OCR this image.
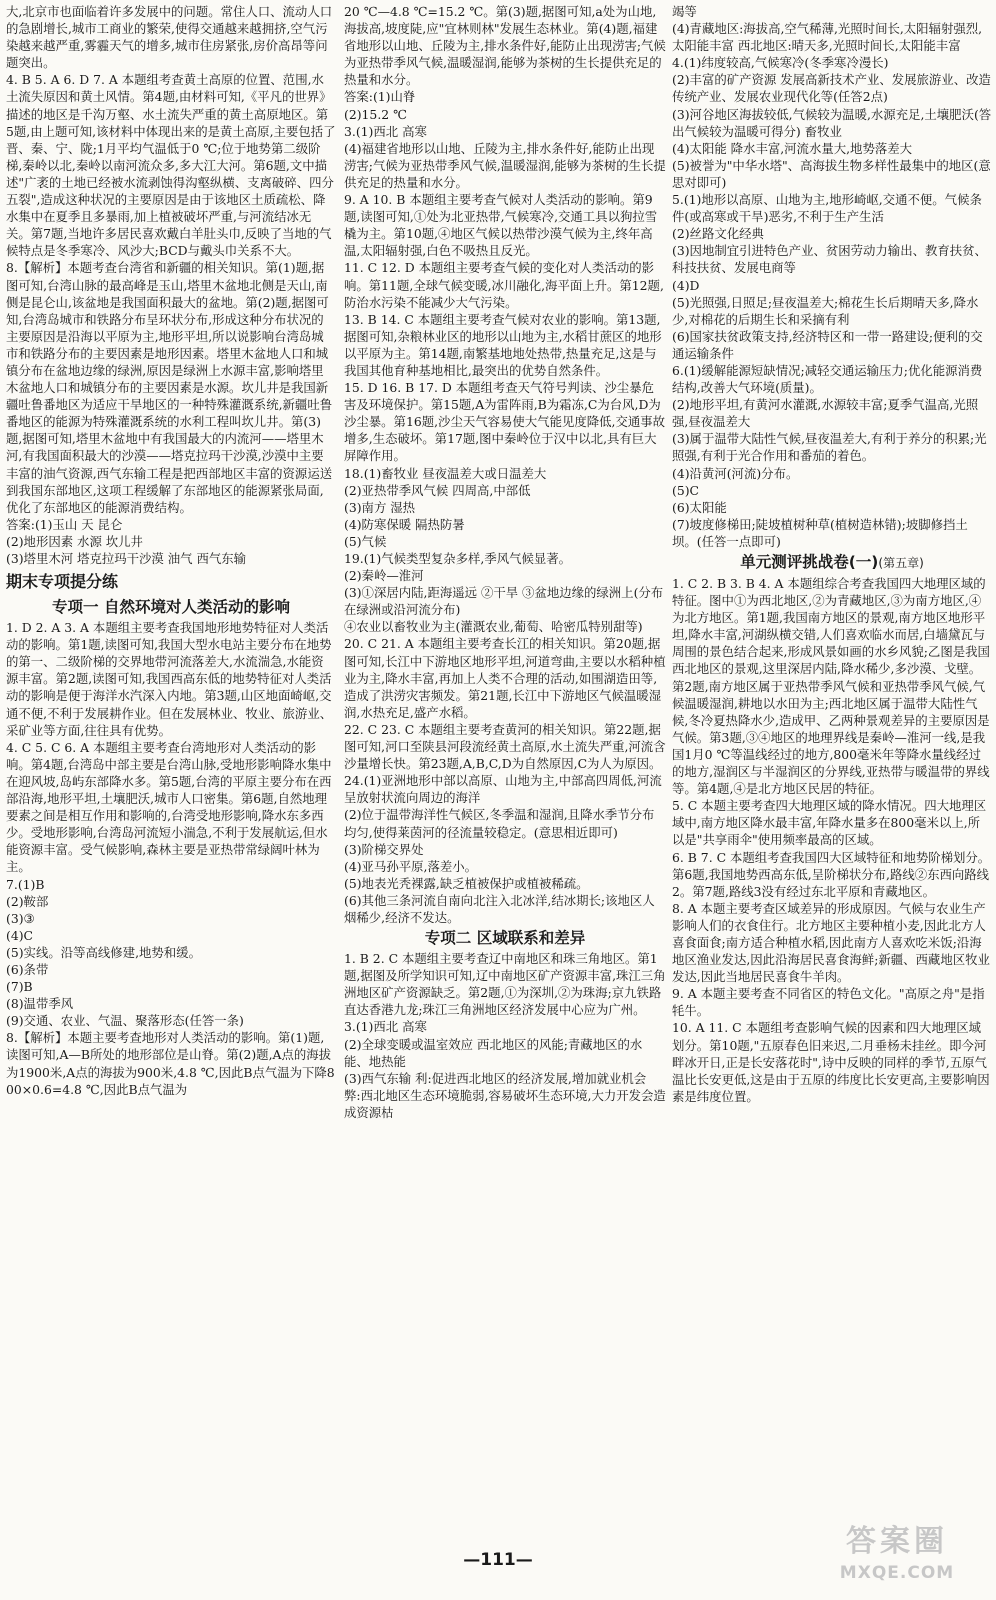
大,北京市也面临着许多发展中的问题。常住人口、流动人口的急剧增长,城市工商业的繁荣,使得交通越来越拥挤,空气污染越来越严重,雾霾天气的增多,城市住房紧张,房价高昂等问题突出。

4. B 5. A 6. D 7. A 本题组考查黄土高原的位置、范围,水土流失原因和黄土风情。第4题,由材料可知,《平凡的世界》描述的地区是千沟万壑、水土流失严重的黄土高原地区。第5题,由上题可知,该材料中体现出来的是黄土高原,主要包括了晋、秦、宁、陇;1月平均气温低于0 ℃;位于地势第二级阶梯,秦岭以北,秦岭以南河流众多,多大江大河。第6题,文中描述"广袤的土地已经被水流剥蚀得沟壑纵横、支离破碎、四分五裂",造成这种状况的主要原因是由于该地区土质疏松、降水集中在夏季且多暴雨,加上植被破坏严重,与河流结冰无关。第7题,当地许多居民喜欢戴白羊肚头巾,反映了当地的气候特点是冬季寒冷、风沙大;BCD与戴头巾关系不大。

8.【解析】本题考查台湾省和新疆的相关知识。第(1)题,据图可知,台湾山脉的最高峰是玉山,塔里木盆地北侧是天山,南侧是昆仑山,该盆地是我国面积最大的盆地。第(2)题,据图可知,台湾岛城市和铁路分布呈环状分布,形成这种分布状况的主要原因是沿海以平原为主,地形平坦,所以说影响台湾岛城市和铁路分布的主要因素是地形因素。塔里木盆地人口和城镇分布在盆地边缘的绿洲,原因是绿洲上水源丰富,影响塔里木盆地人口和城镇分布的主要因素是水源。坎儿井是我国新疆吐鲁番地区为适应干旱地区的一种特殊灌溉系统,新疆吐鲁番地区的能源为特殊灌溉系统的水利工程叫坎儿井。第(3)题,据图可知,塔里木盆地中有我国最大的内流河——塔里木河,有我国面积最大的沙漠——塔克拉玛干沙漠,沙漠中主要丰富的油气资源,西气东输工程是把西部地区丰富的资源运送到我国东部地区,这项工程缓解了东部地区的能源紧张局面,优化了东部地区的能源消费结构。

答案:(1)玉山 天 昆仑

(2)地形因素 水源 坎儿井

(3)塔里木河 塔克拉玛干沙漠 油气 西气东输

期末专项提分练
专项一 自然环境对人类活动的影响

1. D 2. A 3. A 本题组主要考查我国地形地势特征对人类活动的影响。第1题,读图可知,我国大型水电站主要分布在地势的第一、二级阶梯的交界地带河流落差大,水流湍急,水能资源丰富。第2题,读图可知,我国西高东低的地势特征对人类活动的影响是便于海洋水汽深入内地。第3题,山区地面崎岖,交通不便,不利于发展耕作业。但在发展林业、牧业、旅游业、采矿业等方面,往往具有优势。

4. C 5. C 6. A 本题组主要考查台湾地形对人类活动的影响。第4题,台湾岛中部主要是台湾山脉,受地形影响降水集中在迎风坡,岛屿东部降水多。第5题,台湾的平原主要分布在西部沿海,地形平坦,土壤肥沃,城市人口密集。第6题,自然地理要素之间是相互作用和影响的,台湾受地形影响,降水东多西少。受地形影响,台湾岛河流短小湍急,不利于发展航运,但水能资源丰富。受气候影响,森林主要是亚热带常绿阔叶林为主。

7.(1)B

(2)鞍部

(3)③

(4)C

(5)实线。沿等高线修建,地势和缓。

(6)条带

(7)B

(8)温带季风

(9)交通、农业、气温、聚落形态(任答一条)

8.【解析】本题主要考查地形对人类活动的影响。第(1)题,读图可知,A—B所处的地形部位是山脊。第(2)题,A点的海拔为1900米,A点的海拔为900米,4.8 ℃,因此B点气温为下降800×0.6=4.8 ℃,因此B点气温为

20 ℃—4.8 ℃=15.2 ℃。第(3)题,据图可知,a处为山地,海拔高,坡度陡,应"宜林则林"发展生态林业。第(4)题,福建省地形以山地、丘陵为主,排水条件好,能防止出现涝害;气候为亚热带季风气候,温暖湿润,能够为茶树的生长提供充足的热量和水分。

答案:(1)山脊

(2)15.2 ℃

3.(1)西北 高寒

(4)福建省地形以山地、丘陵为主,排水条件好,能防止出现涝害;气候为亚热带季风气候,温暖湿润,能够为茶树的生长提供充足的热量和水分。

9. A 10. B 本题组主要考查气候对人类活动的影响。第9题,读图可知,①处为北亚热带,气候寒冷,交通工具以狗拉雪橇为主。第10题,④地区气候以热带沙漠气候为主,终年高温,太阳辐射强,白色不吸热且反光。

11. C 12. D 本题组主要考查气候的变化对人类活动的影响。第11题,全球气候变暖,冰川融化,海平面上升。第12题,防治水污染不能减少大气污染。

13. B 14. C 本题组主要考查气候对农业的影响。第13题,据图可知,杂粮林业区的地形以山地为主,水稻甘蔗区的地形以平原为主。第14题,南繁基地地处热带,热量充足,这是与我国其他育种基地相比,最突出的优势自然条件。

15. D 16. B 17. D 本题组考查天气符号判读、沙尘暴危害及环境保护。第15题,A为雷阵雨,B为霜冻,C为台风,D为沙尘暴。第16题,沙尘天气容易使大气能见度降低,交通事故增多,生态破坏。第17题,图中秦岭位于汉中以北,具有巨大屏障作用。

18.(1)畜牧业 昼夜温差大或日温差大

(2)亚热带季风气候 四周高,中部低

(3)南方 湿热

(4)防寒保暖 隔热防暑

(5)气候

19.(1)气候类型复杂多样,季风气候显著。

(2)秦岭—淮河

(3)①深居内陆,距海遥远 ②干旱 ③盆地边缘的绿洲上(分布在绿洲或沿河流分布)

④农业以畜牧业为主(灌溉农业,葡萄、哈密瓜特别甜等)

20. C 21. A 本题组主要考查长江的相关知识。第20题,据图可知,长江中下游地区地形平坦,河道弯曲,主要以水稻种植业为主,降水丰富,再加上人类不合理的活动,如围湖造田等,造成了洪涝灾害频发。第21题,长江中下游地区气候温暖湿润,水热充足,盛产水稻。

22. C 23. C 本题组主要考查黄河的相关知识。第22题,据图可知,河口至陕县河段流经黄土高原,水土流失严重,河流含沙量增长快。第23题,A,B,C,D为自然原因,C为人为原因。

24.(1)亚洲地形中部以高原、山地为主,中部高四周低,河流呈放射状流向周边的海洋

(2)位于温带海洋性气候区,冬季温和湿润,且降水季节分布均匀,使得莱茵河的径流量较稳定。(意思相近即可)

(3)阶梯交界处

(4)亚马孙平原,落差小。

(5)地表光秃裸露,缺乏植被保护或植被稀疏。

(6)其他三条河流自南向北注入北冰洋,结冰期长;该地区人烟稀少,经济不发达。

专项二 区域联系和差异

1. B 2. C 本题组主要考查辽中南地区和珠三角地区。第1题,据图及所学知识可知,辽中南地区矿产资源丰富,珠江三角洲地区矿产资源缺乏。第2题,①为深圳,②为珠海;京九铁路直达香港九龙;珠江三角洲地区经济发展中心应为广州。

3.(1)西北 高寒

(2)全球变暖或温室效应 西北地区的风能;青藏地区的水能、地热能

(3)西气东输 利:促进西北地区的经济发展,增加就业机会 弊:西北地区生态环境脆弱,容易破坏生态环境,大力开发会造成资源枯

竭等

(4)青藏地区:海拔高,空气稀薄,光照时间长,太阳辐射强烈,太阳能丰富 西北地区:晴天多,光照时间长,太阳能丰富

4.(1)纬度较高,气候寒冷(冬季寒冷漫长)

(2)丰富的矿产资源 发展高新技术产业、发展旅游业、改造传统产业、发展农业现代化等(任答2点)

(3)河谷地区海拔较低,气候较为温暖,水源充足,土壤肥沃(答出气候较为温暖可得分) 畜牧业

(4)太阳能 降水丰富,河流水量大,地势落差大

(5)被誉为"中华水塔"、高海拔生物多样性最集中的地区(意思对即可)

5.(1)地形以高原、山地为主,地形崎岖,交通不便。气候条件(或高寒或干旱)恶劣,不利于生产生活

(2)丝路文化经典

(3)因地制宜引进特色产业、贫困劳动力输出、教育扶贫、科技扶贫、发展电商等

(4)D

(5)光照强,日照足;昼夜温差大;棉花生长后期晴天多,降水少,对棉花的后期生长和采摘有利

(6)国家扶贫政策支持,经济特区和一带一路建设;便利的交通运输条件

6.(1)缓解能源短缺情况;减轻交通运输压力;优化能源消费结构,改善大气环境(质量)。

(2)地形平坦,有黄河水灌溉,水源较丰富;夏季气温高,光照强,昼夜温差大

(3)属于温带大陆性气候,昼夜温差大,有利于养分的积累;光照强,有利于光合作用和番茄的着色。

(4)沿黄河(河流)分布。

(5)C

(6)太阳能

(7)坡度修梯田;陡坡植树种草(植树造林错);坡脚修挡土坝。(任答一点即可)

单元测评挑战卷(一)(第五章)

1. C 2. B 3. B 4. A 本题组综合考查我国四大地理区域的特征。图中①为西北地区,②为青藏地区,③为南方地区,④为北方地区。第1题,我国南方地区的景观,南方地区地形平坦,降水丰富,河湖纵横交错,人们喜欢临水而居,白墙黛瓦与周围的景色结合起来,形成风景如画的水乡风貌;乙图是我国西北地区的景观,这里深居内陆,降水稀少,多沙漠、戈壁。第2题,南方地区属于亚热带季风气候和亚热带季风气候,气候温暖湿润,耕地以水田为主;西北地区属于温带大陆性气候,冬冷夏热降水少,造成甲、乙两种景观差异的主要原因是气候。第3题,③④地区的地理界线是秦岭—淮河一线,是我国1月0 ℃等温线经过的地方,800毫米年等降水量线经过的地方,湿润区与半湿润区的分界线,亚热带与暖温带的界线等。第4题,④是北方地区民居的特征。

5. C 本题主要考查四大地理区域的降水情况。四大地理区域中,南方地区降水最丰富,年降水量多在800毫米以上,所以是"共享雨伞"使用频率最高的区域。

6. B 7. C 本题组考查我国四大区域特征和地势阶梯划分。第6题,我国地势西高东低,呈阶梯状分布,路线②东西向路线2。第7题,路线3没有经过东北平原和青藏地区。

8. A 本题主要考查区域差异的形成原因。气候与农业生产影响人们的衣食住行。北方地区主要种植小麦,因此北方人喜食面食;南方适合种植水稻,因此南方人喜欢吃米饭;沿海地区渔业发达,因此沿海居民喜食海鲜;新疆、西藏地区牧业发达,因此当地居民喜食牛羊肉。

9. A 本题主要考查不同省区的特色文化。"高原之舟"是指牦牛。

10. A 11. C 本题组考查影响气候的因素和四大地理区域划分。第10题,"五原春色旧来迟,二月垂杨未挂丝。即今河畔冰开日,正是长安落花时",诗中反映的同样的季节,五原气温比长安更低,这是由于五原的纬度比长安更高,主要影响因素是纬度位置。

—111—
答案圈
MXQE.COM
